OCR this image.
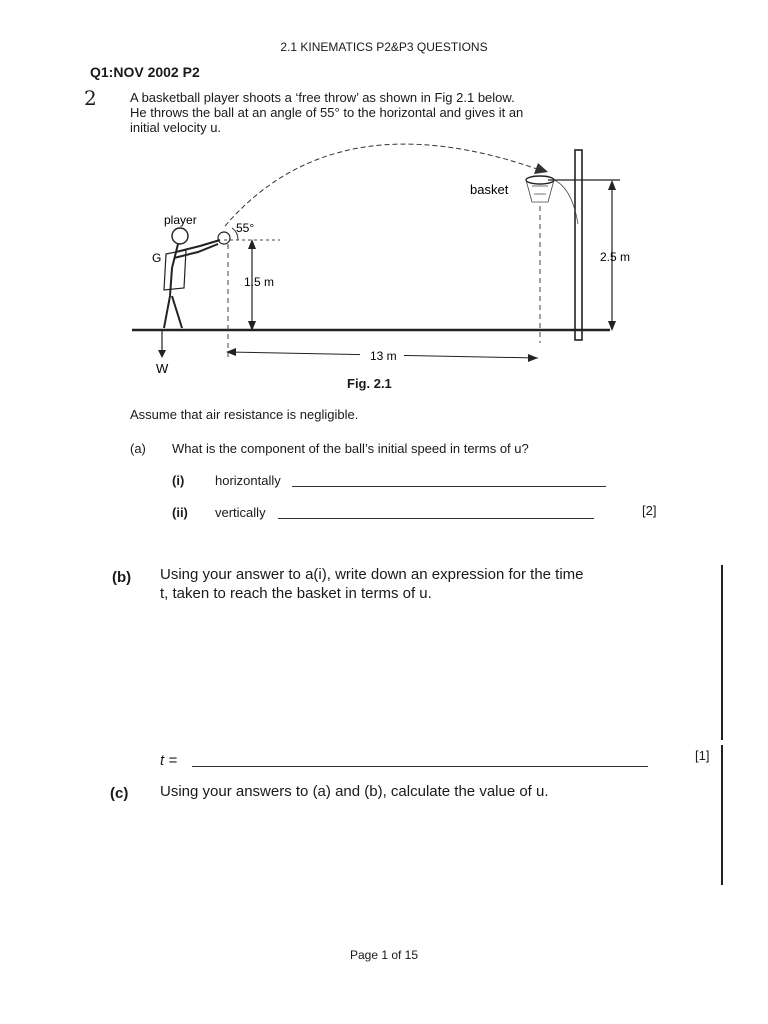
2.1 KINEMATICS P2&P3 QUESTIONS
Q1:NOV 2002 P2
2	A basketball player shoots a ‘free throw’ as shown in Fig 2.1 below.

He throws the ball at an angle of 55° to the horizontal and gives it an

initial velocity u.

2.5 m
player
G
55°
1.5 m
13 m
W
basket
Fig. 2.1
Assume that air resistance is negligible.
(a) What is the component of the ball’s initial speed in terms of u?
(i) horizontally
(ii) vertically	[2]
(b) Using your answer to a(i), write down an expression for the time
t, taken to reach the basket in terms of u.
t =	[1]
(c) Using your answers to (a) and (b), calculate the value of u.
Page 1 of 15
